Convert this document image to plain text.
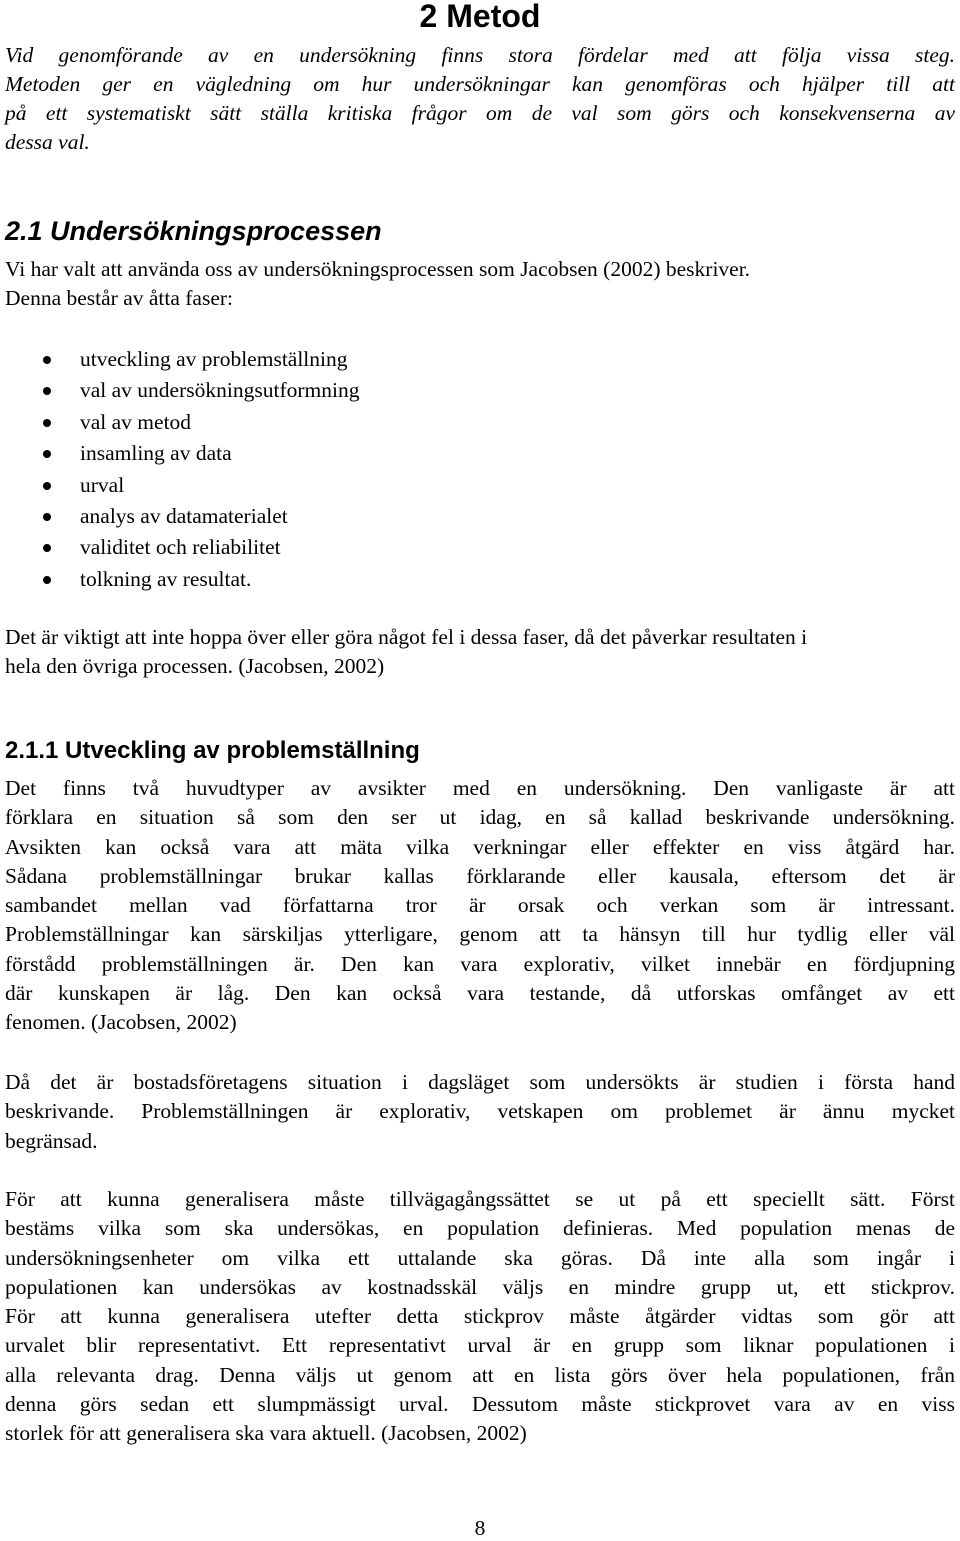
2 Metod

Vid genomförande av en undersökning finns stora fördelar med att följa vissa steg.
Metoden ger en vägledning om hur undersökningar kan genomföras och hjälper till att
på ett systematiskt sätt ställa kritiska frågor om de val som görs och konsekvenserna av
dessa val.

2.1 Undersökningsprocessen

Vi har valt att använda oss av undersökningsprocessen som Jacobsen (2002) beskriver.
Denna består av åtta faser:

utveckling av problemställning
val av undersökningsutformning
val av metod
insamling av data
urval
analys av datamaterialet
validitet och reliabilitet
tolkning av resultat.

Det är viktigt att inte hoppa över eller göra något fel i dessa faser, då det påverkar resultaten i
hela den övriga processen. (Jacobsen, 2002)

2.1.1 Utveckling av problemställning

Det finns två huvudtyper av avsikter med en undersökning. Den vanligaste är att
förklara en situation så som den ser ut idag, en så kallad beskrivande undersökning.
Avsikten kan också vara att mäta vilka verkningar eller effekter en viss åtgärd har.
Sådana problemställningar brukar kallas förklarande eller kausala, eftersom det är
sambandet mellan vad författarna tror är orsak och verkan som är intressant.
Problemställningar kan särskiljas ytterligare, genom att ta hänsyn till hur tydlig eller väl
förstådd problemställningen är. Den kan vara explorativ, vilket innebär en fördjupning
där kunskapen är låg. Den kan också vara testande, då utforskas omfånget av ett
fenomen. (Jacobsen, 2002)

Då det är bostadsföretagens situation i dagsläget som undersökts är studien i första hand
beskrivande. Problemställningen är explorativ, vetskapen om problemet är ännu mycket
begränsad.

För att kunna generalisera måste tillvägagångssättet se ut på ett speciellt sätt. Först
bestäms vilka som ska undersökas, en population definieras. Med population menas de
undersökningsenheter om vilka ett uttalande ska göras. Då inte alla som ingår i
populationen kan undersökas av kostnadsskäl väljs en mindre grupp ut, ett stickprov.
För att kunna generalisera utefter detta stickprov måste åtgärder vidtas som gör att
urvalet blir representativt. Ett representativt urval är en grupp som liknar populationen i
alla relevanta drag. Denna väljs ut genom att en lista görs över hela populationen, från
denna görs sedan ett slumpmässigt urval. Dessutom måste stickprovet vara av en viss
storlek för att generalisera ska vara aktuell. (Jacobsen, 2002)

8
